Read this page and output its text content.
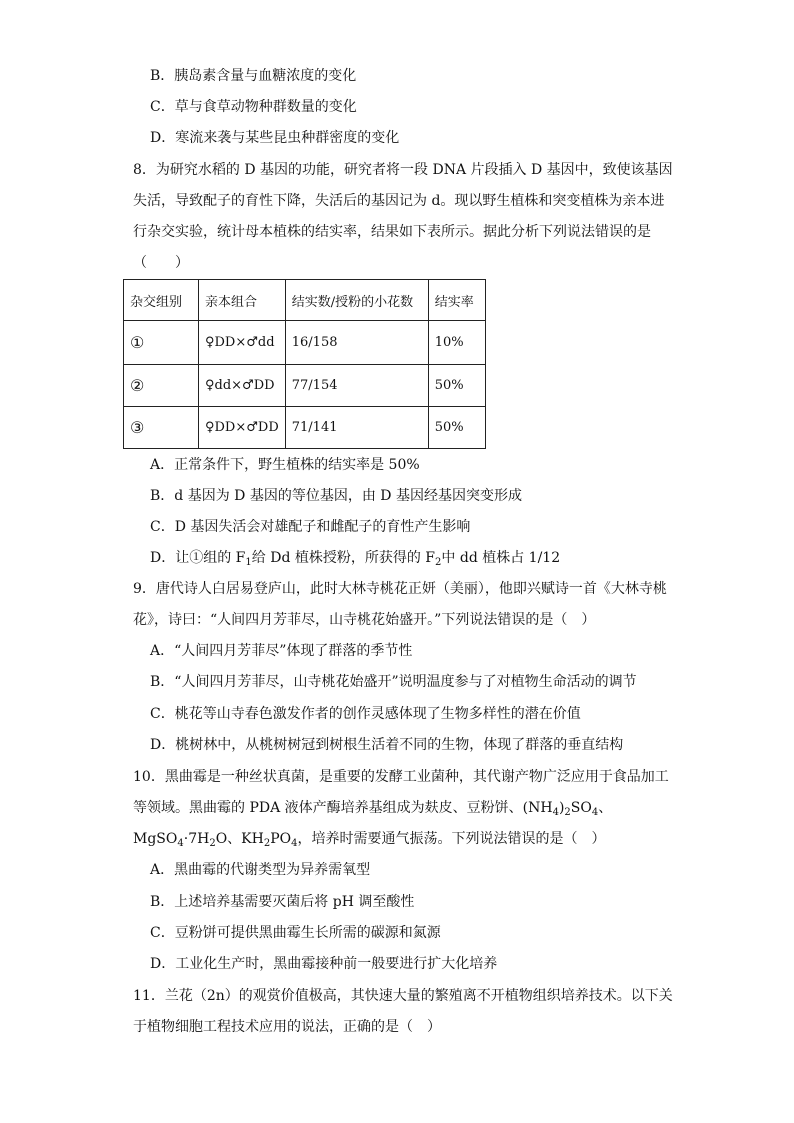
B．胰岛素含量与血糖浓度的变化
C．草与食草动物种群数量的变化
D．寒流来袭与某些昆虫种群密度的变化
8．为研究水稻的 D 基因的功能，研究者将一段 DNA 片段插入 D 基因中，致使该基因
失活，导致配子的育性下降，失活后的基因记为 d。现以野生植株和突变植株为亲本进
行杂交实验，统计母本植株的结实率，结果如下表所示。据此分析下列说法错误的是
（　　）
杂交组别	亲本组合	结实数/授粉的小花数	结实率
①	♀DD×♂dd	16/158	10%
②	♀dd×♂DD	77/154	50%
③	♀DD×♂DD	71/141	50%
A．正常条件下，野生植株的结实率是 50%
B．d 基因为 D 基因的等位基因，由 D 基因经基因突变形成
C．D 基因失活会对雄配子和雌配子的育性产生影响
D．让①组的 $F_1$给 Dd 植株授粉，所获得的 $F_2$中 dd 植株占 1/12
9．唐代诗人白居易登庐山，此时大林寺桃花正妍（美丽），他即兴赋诗一首《大林寺桃
花》，诗曰：“人间四月芳菲尽，山寺桃花始盛开。”下列说法错误的是（　）
A．“人间四月芳菲尽”体现了群落的季节性
B．“人间四月芳菲尽，山寺桃花始盛开”说明温度参与了对植物生命活动的调节
C．桃花等山寺春色激发作者的创作灵感体现了生物多样性的潜在价值
D．桃树林中，从桃树树冠到树根生活着不同的生物，体现了群落的垂直结构
10．黑曲霉是一种丝状真菌，是重要的发酵工业菌种，其代谢产物广泛应用于食品加工
等领域。黑曲霉的 PDA 液体产酶培养基组成为麸皮、豆粉饼、$(NH_4)_2SO_4$、
$MgSO_4\cdot 7H_2O$、$KH_2PO_4$，培养时需要通气振荡。下列说法错误的是（　）
A．黑曲霉的代谢类型为异养需氧型
B．上述培养基需要灭菌后将 pH 调至酸性
C．豆粉饼可提供黑曲霉生长所需的碳源和氮源
D．工业化生产时，黑曲霉接种前一般要进行扩大化培养
11．兰花（2n）的观赏价值极高，其快速大量的繁殖离不开植物组织培养技术。以下关
于植物细胞工程技术应用的说法，正确的是（　）
